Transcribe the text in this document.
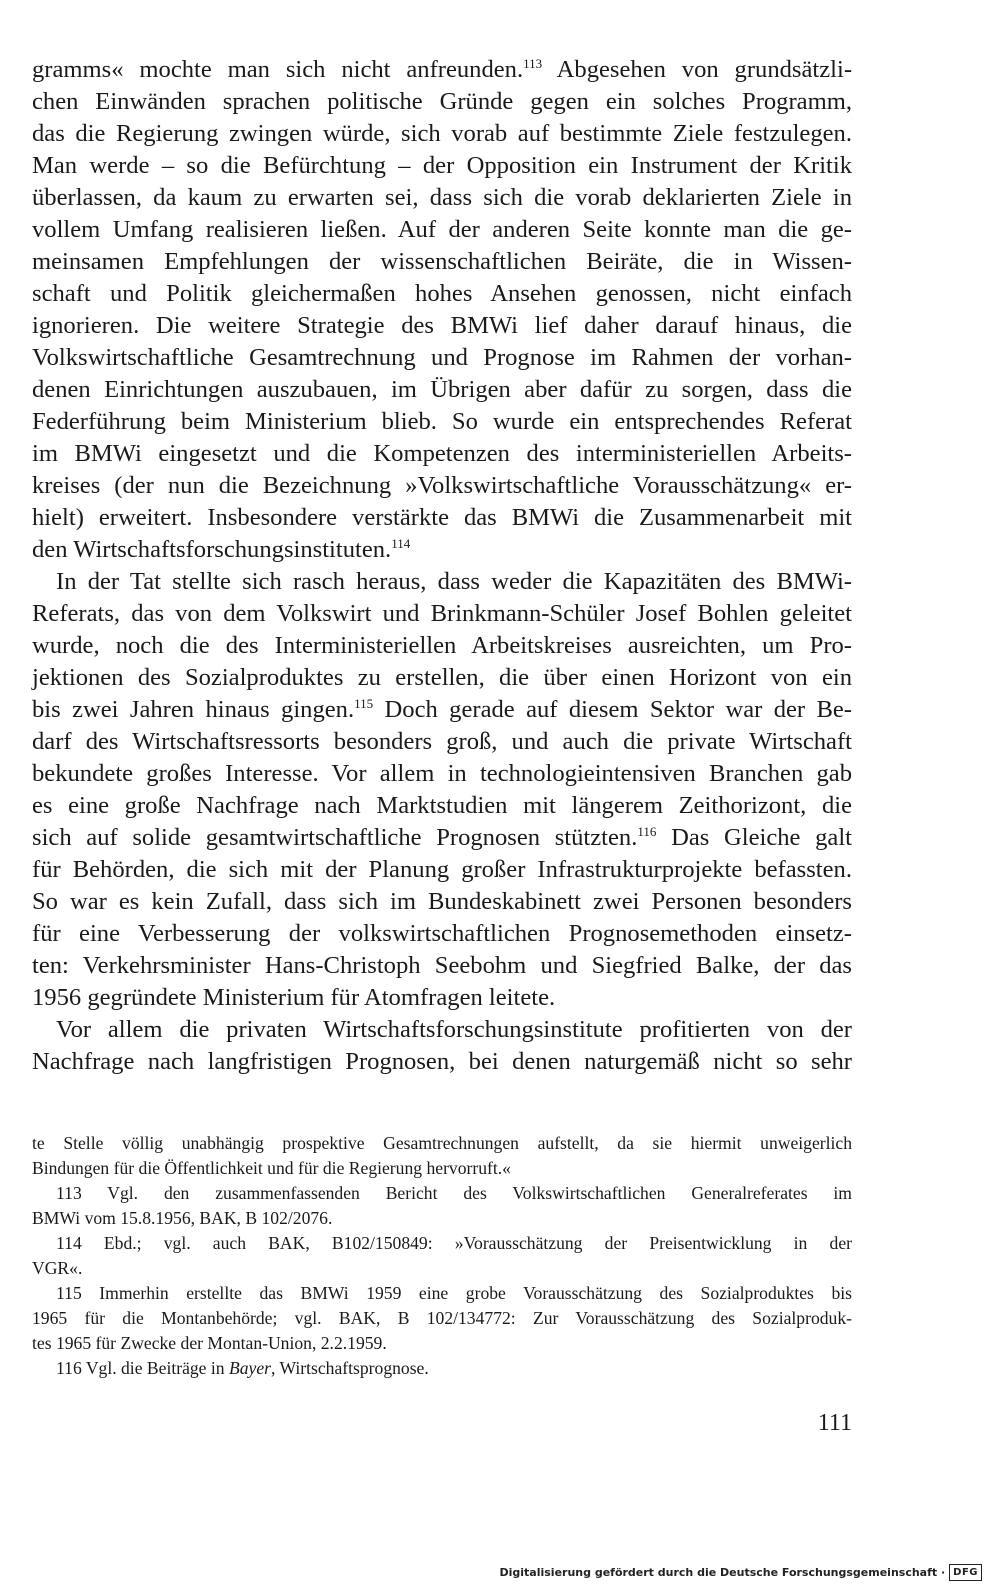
gramms« mochte man sich nicht anfreunden.$^{113}$ Abgesehen von grundsätzli-
chen Einwänden sprachen politische Gründe gegen ein solches Programm,
das die Regierung zwingen würde, sich vorab auf bestimmte Ziele festzulegen.
Man werde – so die Befürchtung – der Opposition ein Instrument der Kritik
überlassen, da kaum zu erwarten sei, dass sich die vorab deklarierten Ziele in
vollem Umfang realisieren ließen. Auf der anderen Seite konnte man die ge-
meinsamen Empfehlungen der wissenschaftlichen Beiräte, die in Wissen-
schaft und Politik gleichermaßen hohes Ansehen genossen, nicht einfach
ignorieren. Die weitere Strategie des BMWi lief daher darauf hinaus, die
Volkswirtschaftliche Gesamtrechnung und Prognose im Rahmen der vorhan-
denen Einrichtungen auszubauen, im Übrigen aber dafür zu sorgen, dass die
Federführung beim Ministerium blieb. So wurde ein entsprechendes Referat
im BMWi eingesetzt und die Kompetenzen des interministeriellen Arbeits-
kreises (der nun die Bezeichnung »Volkswirtschaftliche Vorausschätzung« er-
hielt) erweitert. Insbesondere verstärkte das BMWi die Zusammenarbeit mit
den Wirtschaftsforschungsinstituten.$^{114}$
In der Tat stellte sich rasch heraus, dass weder die Kapazitäten des BMWi-
Referats, das von dem Volkswirt und Brinkmann-Schüler Josef Bohlen geleitet
wurde, noch die des Interministeriellen Arbeitskreises ausreichten, um Pro-
jektionen des Sozialproduktes zu erstellen, die über einen Horizont von ein
bis zwei Jahren hinaus gingen.$^{115}$ Doch gerade auf diesem Sektor war der Be-
darf des Wirtschaftsressorts besonders groß, und auch die private Wirtschaft
bekundete großes Interesse. Vor allem in technologieintensiven Branchen gab
es eine große Nachfrage nach Marktstudien mit längerem Zeithorizont, die
sich auf solide gesamtwirtschaftliche Prognosen stützten.$^{116}$ Das Gleiche galt
für Behörden, die sich mit der Planung großer Infrastrukturprojekte befassten.
So war es kein Zufall, dass sich im Bundeskabinett zwei Personen besonders
für eine Verbesserung der volkswirtschaftlichen Prognosemethoden einsetz-
ten: Verkehrsminister Hans-Christoph Seebohm und Siegfried Balke, der das
1956 gegründete Ministerium für Atomfragen leitete.
Vor allem die privaten Wirtschaftsforschungsinstitute profitierten von der
Nachfrage nach langfristigen Prognosen, bei denen naturgemäß nicht so sehr
te Stelle völlig unabhängig prospektive Gesamtrechnungen aufstellt, da sie hiermit unweigerlich
Bindungen für die Öffentlichkeit und für die Regierung hervorruft.«
113 Vgl. den zusammenfassenden Bericht des Volkswirtschaftlichen Generalreferates im
BMWi vom 15.8.1956, BAK, B 102/2076.
114 Ebd.; vgl. auch BAK, B102/150849: »Vorausschätzung der Preisentwicklung in der
VGR«.
115 Immerhin erstellte das BMWi 1959 eine grobe Vorausschätzung des Sozialproduktes bis
1965 für die Montanbehörde; vgl. BAK, B 102/134772: Zur Vorausschätzung des Sozialproduk-
tes 1965 für Zwecke der Montan-Union, 2.2.1959.
116 Vgl. die Beiträge in Bayer, Wirtschaftsprognose.
111
Digitalisierung gefördert durch die Deutsche Forschungsgemeinschaft · DFG
